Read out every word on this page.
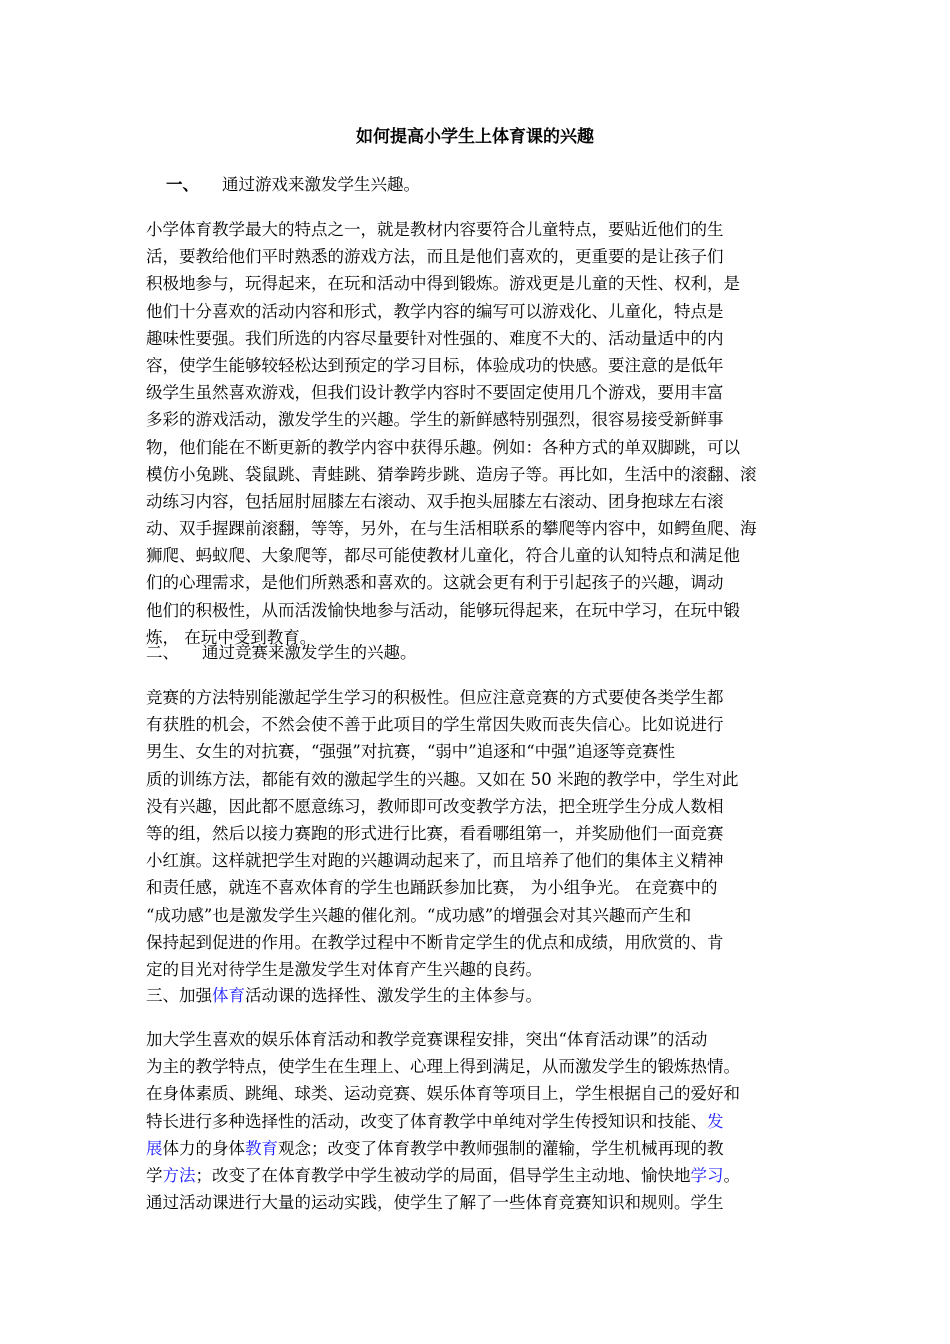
如何提高小学生上体育课的兴趣
一、 通过游戏来激发学生兴趣。
小学体育教学最大的特点之一，就是教材内容要符合儿童特点，要贴近他们的生
活，要教给他们平时熟悉的游戏方法，而且是他们喜欢的，更重要的是让孩子们
积极地参与，玩得起来，在玩和活动中得到锻炼。游戏更是儿童的天性、权利，是
他们十分喜欢的活动内容和形式，教学内容的编写可以游戏化、儿童化，特点是
趣味性要强。我们所选的内容尽量要针对性强的、难度不大的、活动量适中的内
容，使学生能够较轻松达到预定的学习目标，体验成功的快感。要注意的是低年
级学生虽然喜欢游戏，但我们设计教学内容时不要固定使用几个游戏，要用丰富
多彩的游戏活动，激发学生的兴趣。学生的新鲜感特别强烈，很容易接受新鲜事
物，他们能在不断更新的教学内容中获得乐趣。例如：各种方式的单双脚跳，可以
模仿小兔跳、袋鼠跳、青蛙跳、猜拳跨步跳、造房子等。再比如，生活中的滚翻、滚
动练习内容，包括屈肘屈膝左右滚动、双手抱头屈膝左右滚动、团身抱球左右滚
动、双手握踝前滚翻，等等，另外，在与生活相联系的攀爬等内容中，如鳄鱼爬、海
狮爬、蚂蚁爬、大象爬等，都尽可能使教材儿童化，符合儿童的认知特点和满足他
们的心理需求，是他们所熟悉和喜欢的。这就会更有利于引起孩子的兴趣，调动
他们的积极性，从而活泼愉快地参与活动，能够玩得起来，在玩中学习，在玩中锻
炼， 在玩中受到教育。
二、 通过竞赛来激发学生的兴趣。
竞赛的方法特别能激起学生学习的积极性。但应注意竞赛的方式要使各类学生都
有获胜的机会，不然会使不善于此项目的学生常因失败而丧失信心。比如说进行
男生、女生的对抗赛，“强强”对抗赛，“弱中”追逐和“中强”追逐等竞赛性
质的训练方法，都能有效的激起学生的兴趣。又如在 50 米跑的教学中，学生对此
没有兴趣，因此都不愿意练习，教师即可改变教学方法，把全班学生分成人数相
等的组，然后以接力赛跑的形式进行比赛，看看哪组第一，并奖励他们一面竞赛
小红旗。这样就把学生对跑的兴趣调动起来了，而且培养了他们的集体主义精神
和责任感，就连不喜欢体育的学生也踊跃参加比赛， 为小组争光。 在竞赛中的
“成功感”也是激发学生兴趣的催化剂。“成功感”的增强会对其兴趣而产生和
保持起到促进的作用。在教学过程中不断肯定学生的优点和成绩，用欣赏的、肯
定的目光对待学生是激发学生对体育产生兴趣的良药。
三、加强体育活动课的选择性、激发学生的主体参与。
加大学生喜欢的娱乐体育活动和教学竞赛课程安排，突出“体育活动课”的活动
为主的教学特点，使学生在生理上、心理上得到满足，从而激发学生的锻炼热情。
在身体素质、跳绳、球类、运动竞赛、娱乐体育等项目上，学生根据自己的爱好和
特长进行多种选择性的活动，改变了体育教学中单纯对学生传授知识和技能、发
展体力的身体教育观念；改变了体育教学中教师强制的灌输，学生机械再现的教
学方法；改变了在体育教学中学生被动学的局面，倡导学生主动地、愉快地学习。
通过活动课进行大量的运动实践，使学生了解了一些体育竞赛知识和规则。学生
